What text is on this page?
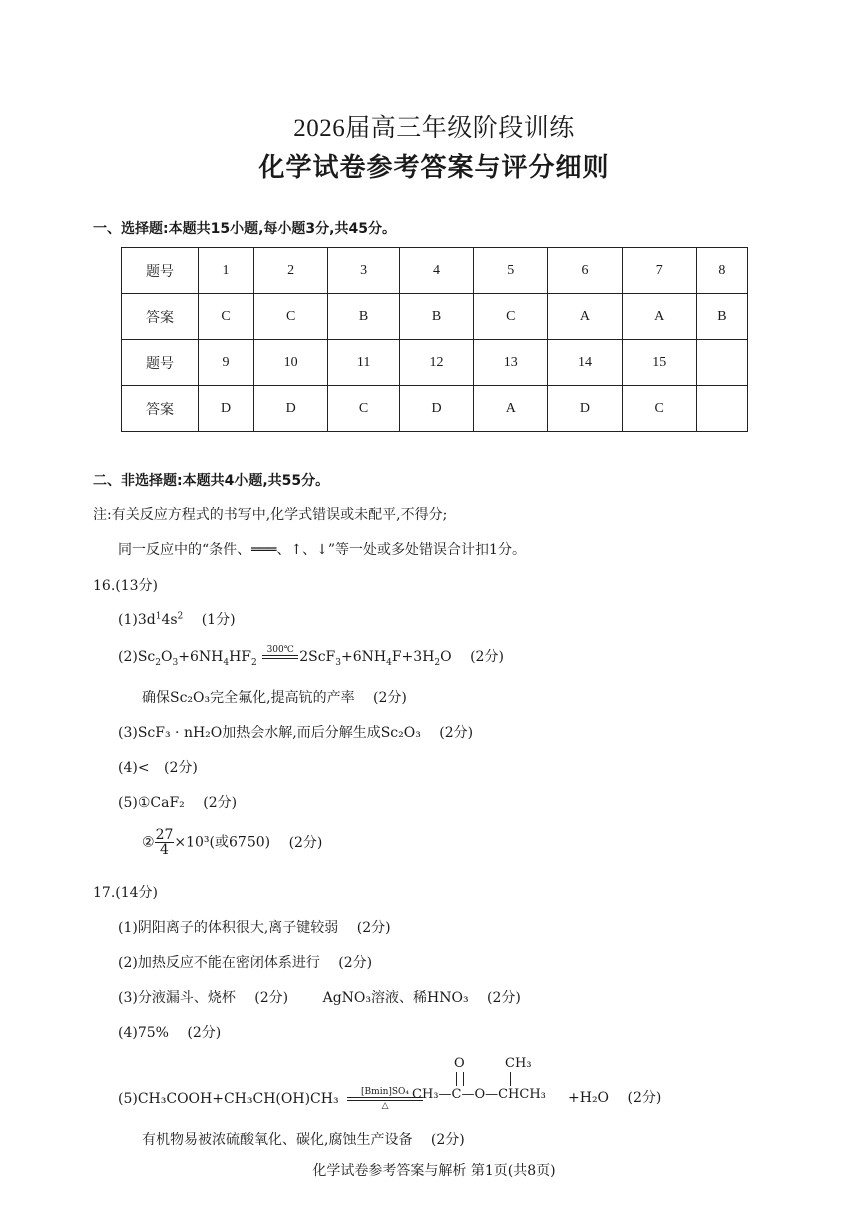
2026届高三年级阶段训练
化学试卷参考答案与评分细则
一、选择题:本题共15小题,每小题3分,共45分。
题号	1	2	3	4	5	6	7	8
答案	C	C	B	B	C	A	A	B
题号	9	10	11	12	13	14	15	
答案	D	D	C	D	A	D	C	
二、非选择题:本题共4小题,共55分。
注:有关反应方程式的书写中,化学式错误或未配平,不得分;
同一反应中的“条件、═══、↑、↓”等一处或多处错误合计扣1分。
16.(13分)
$(1)3d^14s^2$ (1分)
$(2)Sc_2O_3+6NH_4HF_2$
300℃
$2ScF_3+6NH_4F+3H_2O$ (2分)
确保Sc₂O₃完全氟化,提高钪的产率 (2分)
(3)ScF₃ · nH₂O加热会水解,而后分解生成Sc₂O₃ (2分)
(4)< (2分)
(5)①CaF₂ (2分)
② $\frac{27}{4} \times 10^3$(或6750) (2分)
17.(14分)
(1)阴阳离子的体积很大,离子键较弱 (2分)
(2)加热反应不能在密闭体系进行 (2分)
(3)分液漏斗、烧杯 (2分) AgNO₃溶液、稀HNO₃ (2分)
(4)75% (2分)
(5)CH₃COOH+CH₃CH(OH)CH₃	[Bmin]SO₄
△
O	CH₃
CH₃—C—O—CHCH₃ +H₂O (2分)
有机物易被浓硫酸氧化、碳化,腐蚀生产设备 (2分)
化学试卷参考答案与解析 第1页(共8页)
